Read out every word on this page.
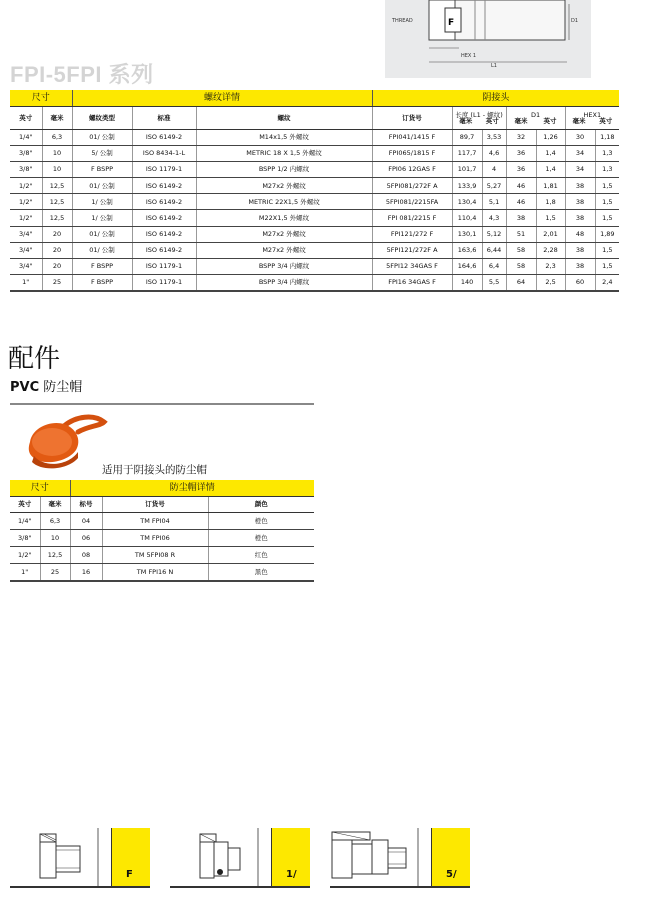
THREAD	F	D1
HEX 1
L1
FPI-5FPI 系列
尺寸		螺纹详情			阴接头						
英寸	毫米	螺纹类型	标准	螺纹	订货号	长度 (L1 - 螺纹)
毫米 英寸		D1
毫米 英寸		HEX1
毫米 英寸	

1/4"	6,3	01/ 公制	ISO 6149-2	M14x1,5 外螺纹	FPI041/1415 F	89,7	3,53	32	1,26	30	1,18
3/8"	10	5/ 公制	ISO 8434-1-L	METRIC 18 X 1,5 外螺纹	FPI065/1815 F	117,7	4,6	36	1,4	34	1,3
3/8"	10	F BSPP	ISO 1179-1	BSPP 1/2 内螺纹	FPI06 12GAS F	101,7	4	36	1,4	34	1,3
1/2"	12,5	01/ 公制	ISO 6149-2	M27x2 外螺纹	5FPI081/272F A	133,9	5,27	46	1,81	38	1,5
1/2"	12,5	1/ 公制	ISO 6149-2	METRIC 22X1,5 外螺纹	5FPI081/2215FA	130,4	5,1	46	1,8	38	1,5
1/2"	12,5	1/ 公制	ISO 6149-2	M22X1,5 外螺纹	FPI 081/2215 F	110,4	4,3	38	1,5	38	1,5
3/4"	20	01/ 公制	ISO 6149-2	M27x2 外螺纹	FPI121/272 F	130,1	5,12	51	2,01	48	1,89
3/4"	20	01/ 公制	ISO 6149-2	M27x2 外螺纹	5FPI121/272F A	163,6	6,44	58	2,28	38	1,5
3/4"	20	F BSPP	ISO 1179-1	BSPP 3/4 内螺纹	5FPI12 34GAS F	164,6	6,4	58	2,3	38	1,5
1"	25	F BSPP	ISO 1179-1	BSPP 3/4 内螺纹	FPI16 34GAS F	140	5,5	64	2,5	60	2,4
配件
PVC 防尘帽
适用于阴接头的防尘帽
尺寸		防尘帽详情		
英寸	毫米	标号	订货号	颜色
1/4"	6,3	04	TM FPI04	橙色
3/8"	10	06	TM FPI06	橙色
1/2"	12,5	08	TM 5FPI08 R	红色
1"	25	16	TM FPI16 N	黑色
F	1/	5/
